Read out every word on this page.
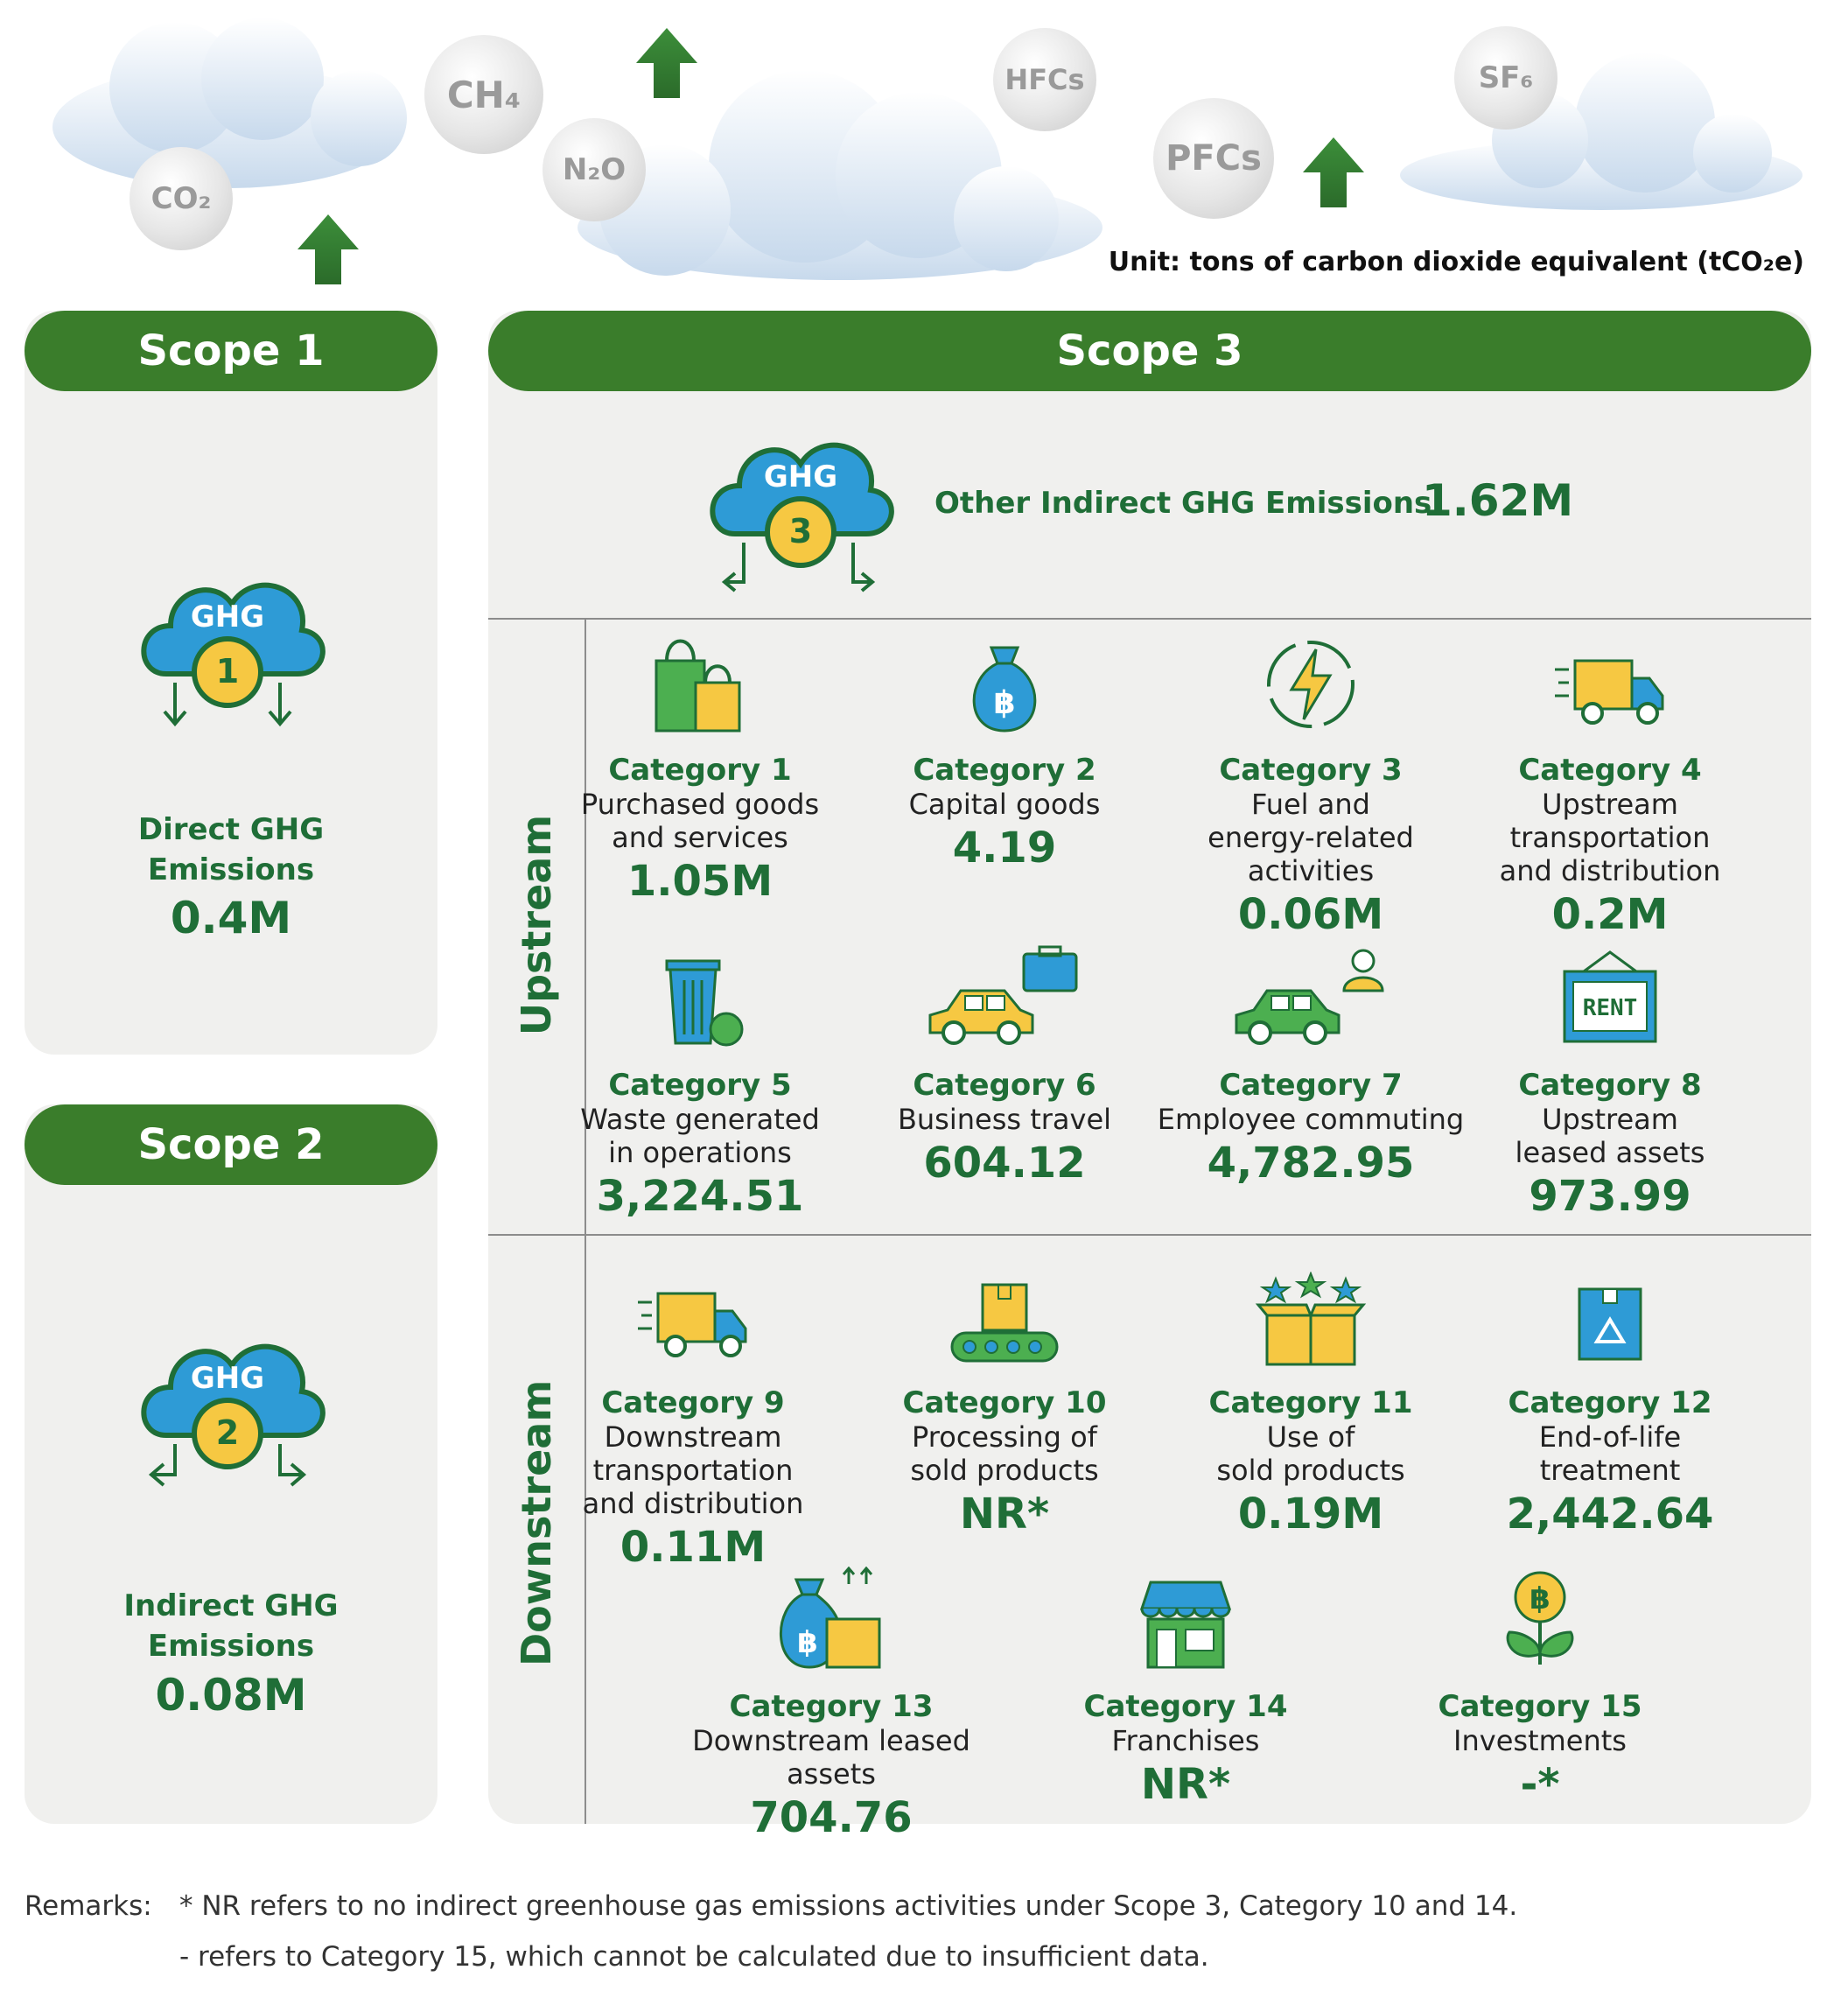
CO₂
CH₄
N₂O
HFCs
PFCs
SF₆
Unit: tons of carbon dioxide equivalent (tCO₂e)
Scope 1
GHG
1
Direct GHG
Emissions
0.4M
Scope 2
GHG
2
Indirect GHG
Emissions
0.08M
Scope 3
GHG
3
Other Indirect GHG Emissions
1.62M
Upstream
Downstream
Category 1
Purchased goods
and services
1.05M
฿
Category 2
Capital goods
4.19
Category 3
Fuel and
energy-related
activities
0.06M
Category 4
Upstream
transportation
and distribution
0.2M
Category 5
Waste generated
in operations
3,224.51
Category 6
Business travel
604.12
Category 7
Employee commuting
4,782.95
RENT
Category 8
Upstream
leased assets
973.99
Category 9
Downstream
transportation
and distribution
0.11M
Category 10
Processing of
sold products
NR*
Category 11
Use of
sold products
0.19M
Category 12
End-of-life
treatment
2,442.64
฿
Category 13
Downstream leased assets
704.76
Category 14
Franchises
NR*
฿
Category 15
Investments
-*
Remarks: * NR refers to no indirect greenhouse gas emissions activities under Scope 3, Category 10 and 14.
- refers to Category 15, which cannot be calculated due to insufficient data.
